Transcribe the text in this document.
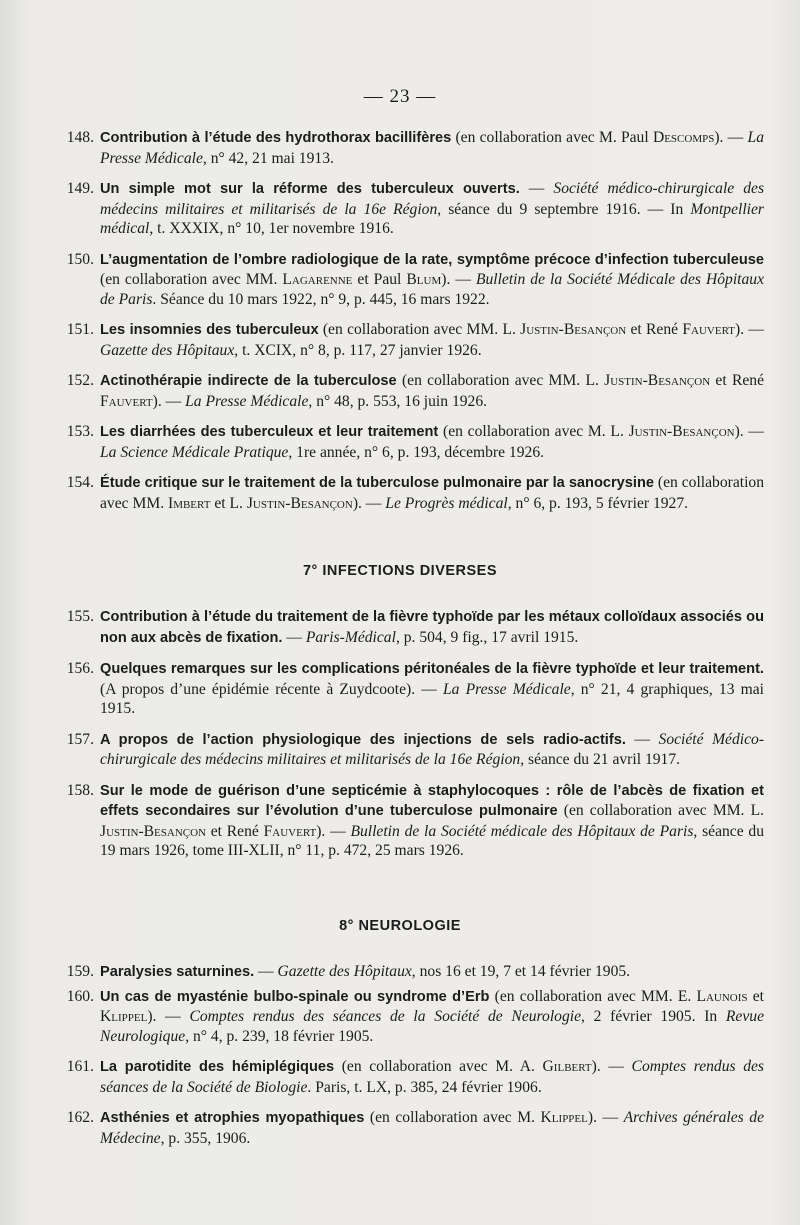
— 23 —
148. Contribution à l’étude des hydrothorax bacillifères (en collaboration avec M. Paul Descomps). — La Presse Médicale, n° 42, 21 mai 1913.
149. Un simple mot sur la réforme des tuberculeux ouverts. — Société médico-chirurgicale des médecins militaires et militarisés de la 16e Région, séance du 9 septembre 1916. — In Montpellier médical, t. XXXIX, n° 10, 1er novembre 1916.
150. L’augmentation de l’ombre radiologique de la rate, symptôme précoce d’infection tuberculeuse (en collaboration avec MM. Lagarenne et Paul Blum). — Bulletin de la Société Médicale des Hôpitaux de Paris. Séance du 10 mars 1922, n° 9, p. 445, 16 mars 1922.
151. Les insomnies des tuberculeux (en collaboration avec MM. L. Justin-Besançon et René Fauvert). — Gazette des Hôpitaux, t. XCIX, n° 8, p. 117, 27 janvier 1926.
152. Actinothérapie indirecte de la tuberculose (en collaboration avec MM. L. Justin-Besançon et René Fauvert). — La Presse Médicale, n° 48, p. 553, 16 juin 1926.
153. Les diarrhées des tuberculeux et leur traitement (en collaboration avec M. L. Justin-Besançon). — La Science Médicale Pratique, 1re année, n° 6, p. 193, décembre 1926.
154. Étude critique sur le traitement de la tuberculose pulmonaire par la sanocrysine (en collaboration avec MM. Imbert et L. Justin-Besançon). — Le Progrès médical, n° 6, p. 193, 5 février 1927.
7° INFECTIONS DIVERSES
155. Contribution à l’étude du traitement de la fièvre typhoïde par les métaux colloïdaux associés ou non aux abcès de fixation. — Paris-Médical, p. 504, 9 fig., 17 avril 1915.
156. Quelques remarques sur les complications péritonéales de la fièvre typhoïde et leur traitement. (A propos d’une épidémie récente à Zuydcoote). — La Presse Médicale, n° 21, 4 graphiques, 13 mai 1915.
157. A propos de l’action physiologique des injections de sels radio-actifs. — Société Médico-chirurgicale des médecins militaires et militarisés de la 16e Région, séance du 21 avril 1917.
158. Sur le mode de guérison d’une septicémie à staphylocoques : rôle de l’abcès de fixation et effets secondaires sur l’évolution d’une tuberculose pulmonaire (en collaboration avec MM. L. Justin-Besançon et René Fauvert). — Bulletin de la Société médicale des Hôpitaux de Paris, séance du 19 mars 1926, tome III-XLII, n° 11, p. 472, 25 mars 1926.
8° NEUROLOGIE
159. Paralysies saturnines. — Gazette des Hôpitaux, nos 16 et 19, 7 et 14 février 1905.
160. Un cas de myasténie bulbo-spinale ou syndrome d’Erb (en collaboration avec MM. E. Launois et Klippel). — Comptes rendus des séances de la Société de Neurologie, 2 février 1905. In Revue Neurologique, n° 4, p. 239, 18 février 1905.
161. La parotidite des hémiplégiques (en collaboration avec M. A. Gilbert). — Comptes rendus des séances de la Société de Biologie. Paris, t. LX, p. 385, 24 février 1906.
162. Asthénies et atrophies myopathiques (en collaboration avec M. Klippel). — Archives générales de Médecine, p. 355, 1906.
